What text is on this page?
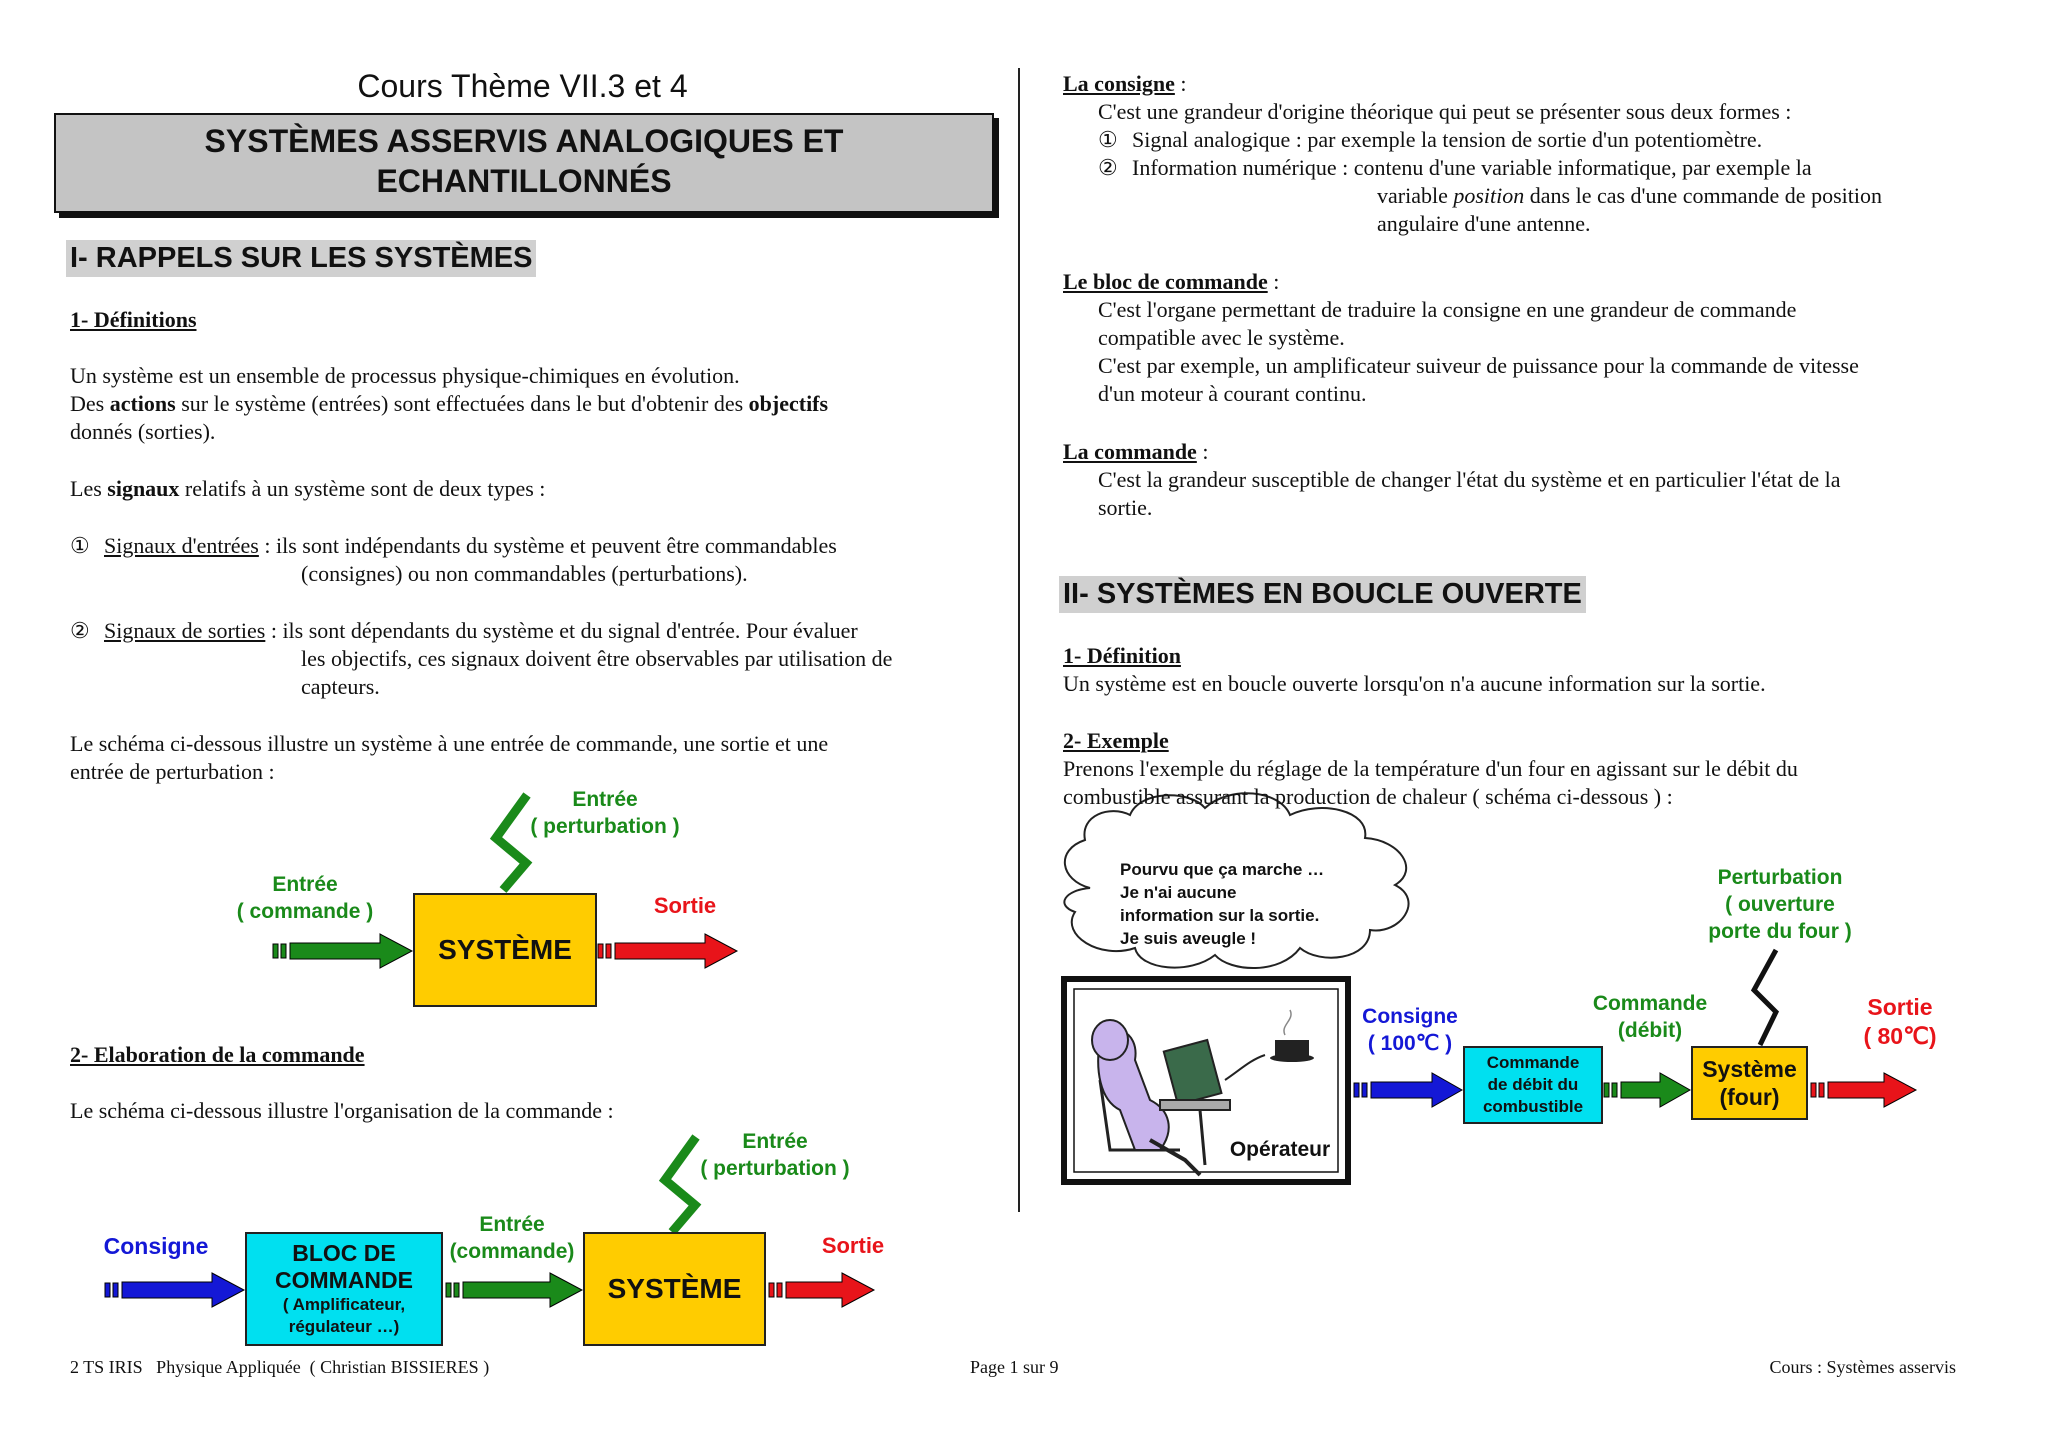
Cours Thème VII.3 et 4
SYSTÈMES ASSERVIS ANALOGIQUES ET
ECHANTILLONNÉS
I- RAPPELS SUR LES SYSTÈMES
1- Définitions
Un système est un ensemble de processus physique-chimiques en évolution.
Des actions sur le système (entrées) sont effectuées dans le but d'obtenir des objectifs
donnés (sorties).
Les signaux relatifs à un système sont de deux types :
① Signaux d'entrées : ils sont indépendants du système et peuvent être commandables
(consignes) ou non commandables (perturbations).
② Signaux de sorties : ils sont dépendants du système et du signal d'entrée. Pour évaluer
les objectifs, ces signaux doivent être observables par utilisation de
capteurs.
Le schéma ci-dessous illustre un système à une entrée de commande, une sortie et une
entrée de perturbation :
Entrée
( perturbation )
Entrée
( commande )
SYSTÈME
Sortie
2- Elaboration de la commande
Le schéma ci-dessous illustre l'organisation de la commande :
Entrée
( perturbation )
Consigne	BLOC DE
COMMANDE
( Amplificateur,
régulateur …)
Entrée
(commande)
SYSTÈME
Sortie
La consigne :
C'est une grandeur d'origine théorique qui peut se présenter sous deux formes :
① Signal analogique : par exemple la tension de sortie d'un potentiomètre.
② Information numérique : contenu d'une variable informatique, par exemple la
variable position dans le cas d'une commande de position
angulaire d'une antenne.
Le bloc de commande :
C'est l'organe permettant de traduire la consigne en une grandeur de commande
compatible avec le système.
C'est par exemple, un amplificateur suiveur de puissance pour la commande de vitesse
d'un moteur à courant continu.
La commande :
C'est la grandeur susceptible de changer l'état du système et en particulier l'état de la
sortie.
II- SYSTÈMES EN BOUCLE OUVERTE
1- Définition
Un système est en boucle ouverte lorsqu'on n'a aucune information sur la sortie.
2- Exemple
Prenons l'exemple du réglage de la température d'un four en agissant sur le débit du
combustible assurant la production de chaleur ( schéma ci-dessous ) :
Pourvu que ça marche …
Je n'ai aucune
information sur la sortie.
Je suis aveugle !
Opérateur
Consigne
( 100℃ )
Commande
de débit du
combustible
Commande
(débit)
Perturbation
( ouverture
porte du four )
Système
(four)
Sortie
( 80℃)
2 TS IRIS   Physique Appliquée  ( Christian BISSIERES )	Page 1 sur 9	Cours : Systèmes asservis
